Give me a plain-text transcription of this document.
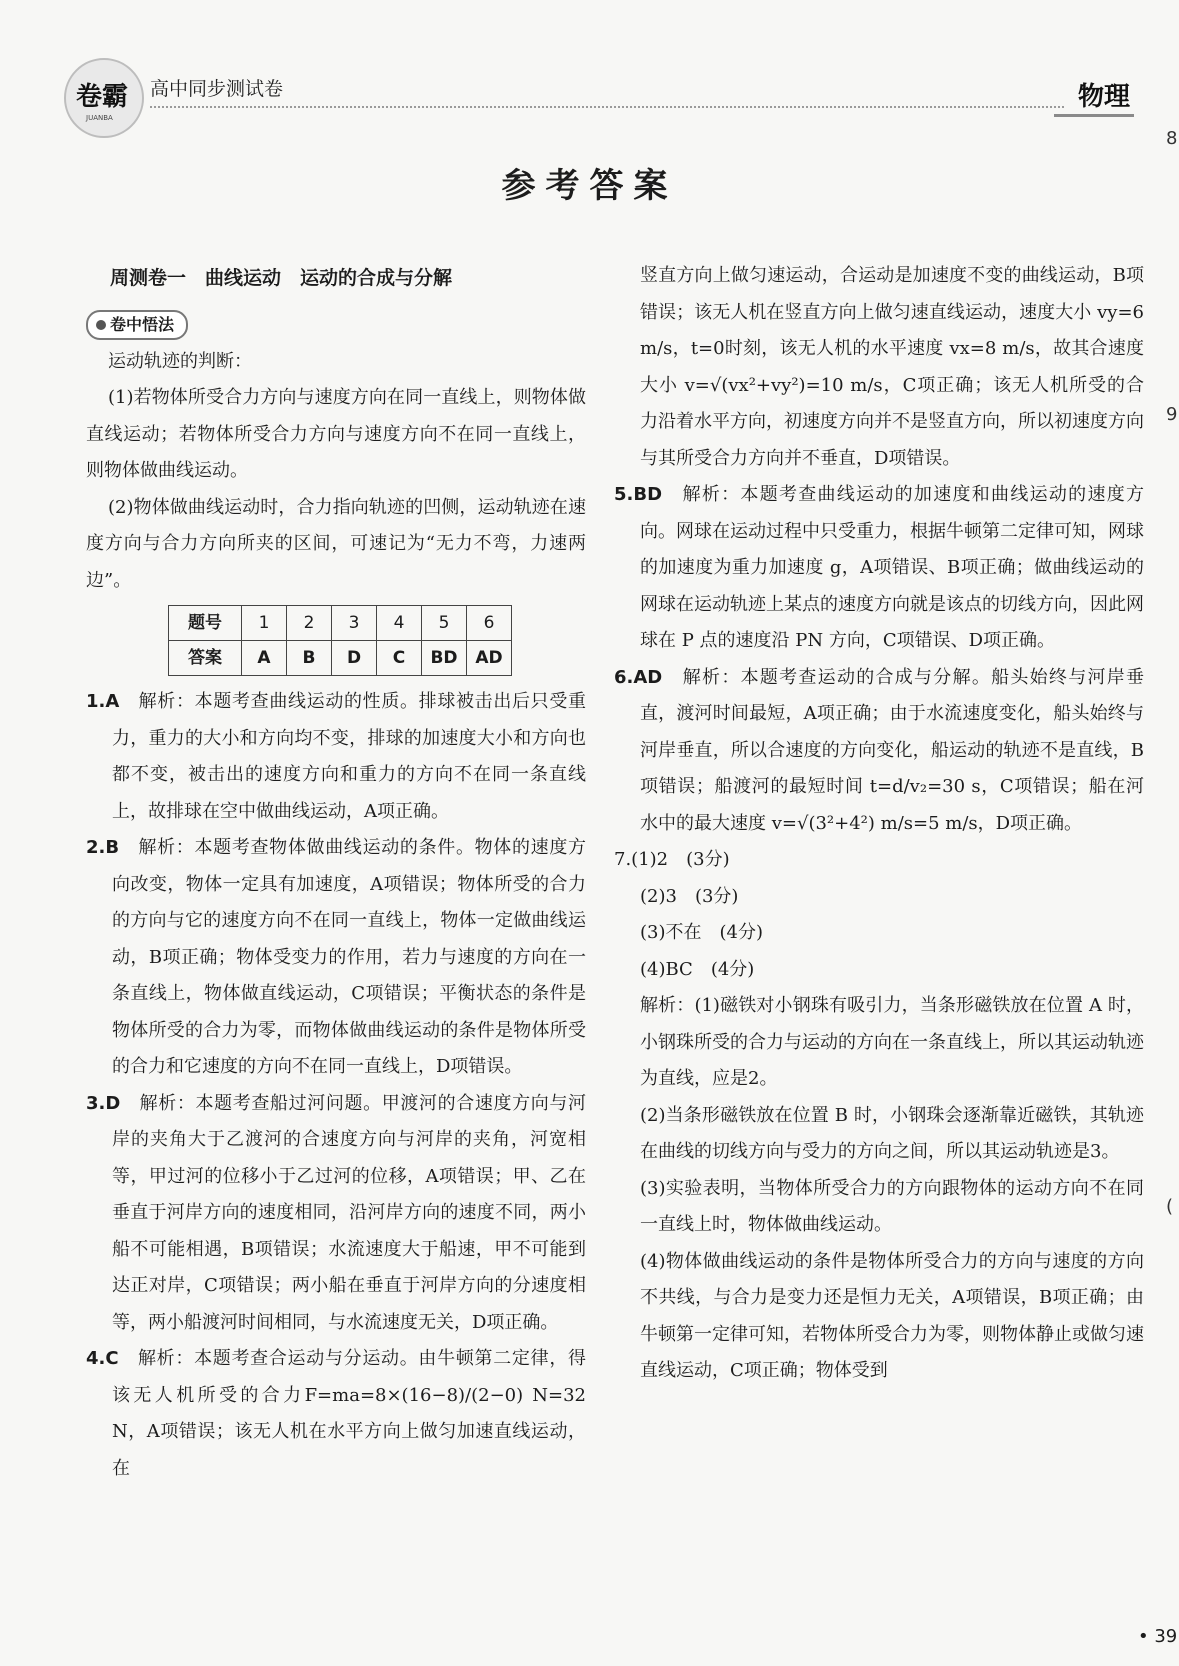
卷霸
JUANBA
高中同步测试卷	物理
8
9
(
参考答案
周测卷一　曲线运动　运动的合成与分解
卷中悟法

运动轨迹的判断：

(1)若物体所受合力方向与速度方向在同一直线上，则物体做直线运动；若物体所受合力方向与速度方向不在同一直线上，则物体做曲线运动。

(2)物体做曲线运动时，合力指向轨迹的凹侧，运动轨迹在速度方向与合力方向所夹的区间，可速记为“无力不弯，力速两边”。

题号	1	2	3	4	5	6
答案	A	B	D	C	BD	AD

1.A　 解析：本题考查曲线运动的性质。排球被击出后只受重力，重力的大小和方向均不变，排球的加速度大小和方向也都不变，被击出的速度方向和重力的方向不在同一条直线上，故排球在空中做曲线运动，A项正确。

2.B　 解析：本题考查物体做曲线运动的条件。物体的速度方向改变，物体一定具有加速度，A项错误；物体所受的合力的方向与它的速度方向不在同一直线上，物体一定做曲线运动，B项正确；物体受变力的作用，若力与速度的方向在一条直线上，物体做直线运动，C项错误；平衡状态的条件是物体所受的合力为零，而物体做曲线运动的条件是物体所受的合力和它速度的方向不在同一直线上，D项错误。

3.D　 解析：本题考查船过河问题。甲渡河的合速度方向与河岸的夹角大于乙渡河的合速度方向与河岸的夹角，河宽相等，甲过河的位移小于乙过河的位移，A项错误；甲、乙在垂直于河岸方向的速度相同，沿河岸方向的速度不同，两小船不可能相遇，B项错误；水流速度大于船速，甲不可能到达正对岸，C项错误；两小船在垂直于河岸方向的分速度相等，两小船渡河时间相同，与水流速度无关，D项正确。

4.C　 解析：本题考查合运动与分运动。由牛顿第二定律，得该无人机所受的合力F=ma=8×(16−8)/(2−0) N=32 N，A项错误；该无人机在水平方向上做匀加速直线运动，在

竖直方向上做匀速运动，合运动是加速度不变的曲线运动，B项错误；该无人机在竖直方向上做匀速直线运动，速度大小 vy=6 m/s，t=0时刻，该无人机的水平速度 vx=8 m/s，故其合速度大小 v=√(vx²+vy²)=10 m/s，C项正确；该无人机所受的合力沿着水平方向，初速度方向并不是竖直方向，所以初速度方向与其所受合力方向并不垂直，D项错误。

5.BD　 解析：本题考查曲线运动的加速度和曲线运动的速度方向。网球在运动过程中只受重力，根据牛顿第二定律可知，网球的加速度为重力加速度 g，A项错误、B项正确；做曲线运动的网球在运动轨迹上某点的速度方向就是该点的切线方向，因此网球在 P 点的速度沿 PN 方向，C项错误、D项正确。

6.AD　 解析：本题考查运动的合成与分解。船头始终与河岸垂直，渡河时间最短，A项正确；由于水流速度变化，船头始终与河岸垂直，所以合速度的方向变化，船运动的轨迹不是直线，B项错误；船渡河的最短时间 t=d/v₂=30 s，C项错误；船在河水中的最大速度 v=√(3²+4²) m/s=5 m/s，D项正确。

7.(1)2　(3分)

(2)3　(3分)

(3)不在　(4分)

(4)BC　(4分)

解析：(1)磁铁对小钢珠有吸引力，当条形磁铁放在位置 A 时，小钢珠所受的合力与运动的方向在一条直线上，所以其运动轨迹为直线，应是2。

(2)当条形磁铁放在位置 B 时，小钢珠会逐渐靠近磁铁，其轨迹在曲线的切线方向与受力的方向之间，所以其运动轨迹是3。

(3)实验表明，当物体所受合力的方向跟物体的运动方向不在同一直线上时，物体做曲线运动。

(4)物体做曲线运动的条件是物体所受合力的方向与速度的方向不共线，与合力是变力还是恒力无关，A项错误，B项正确；由牛顿第一定律可知，若物体所受合力为零，则物体静止或做匀速直线运动，C项正确；物体受到

• 39
